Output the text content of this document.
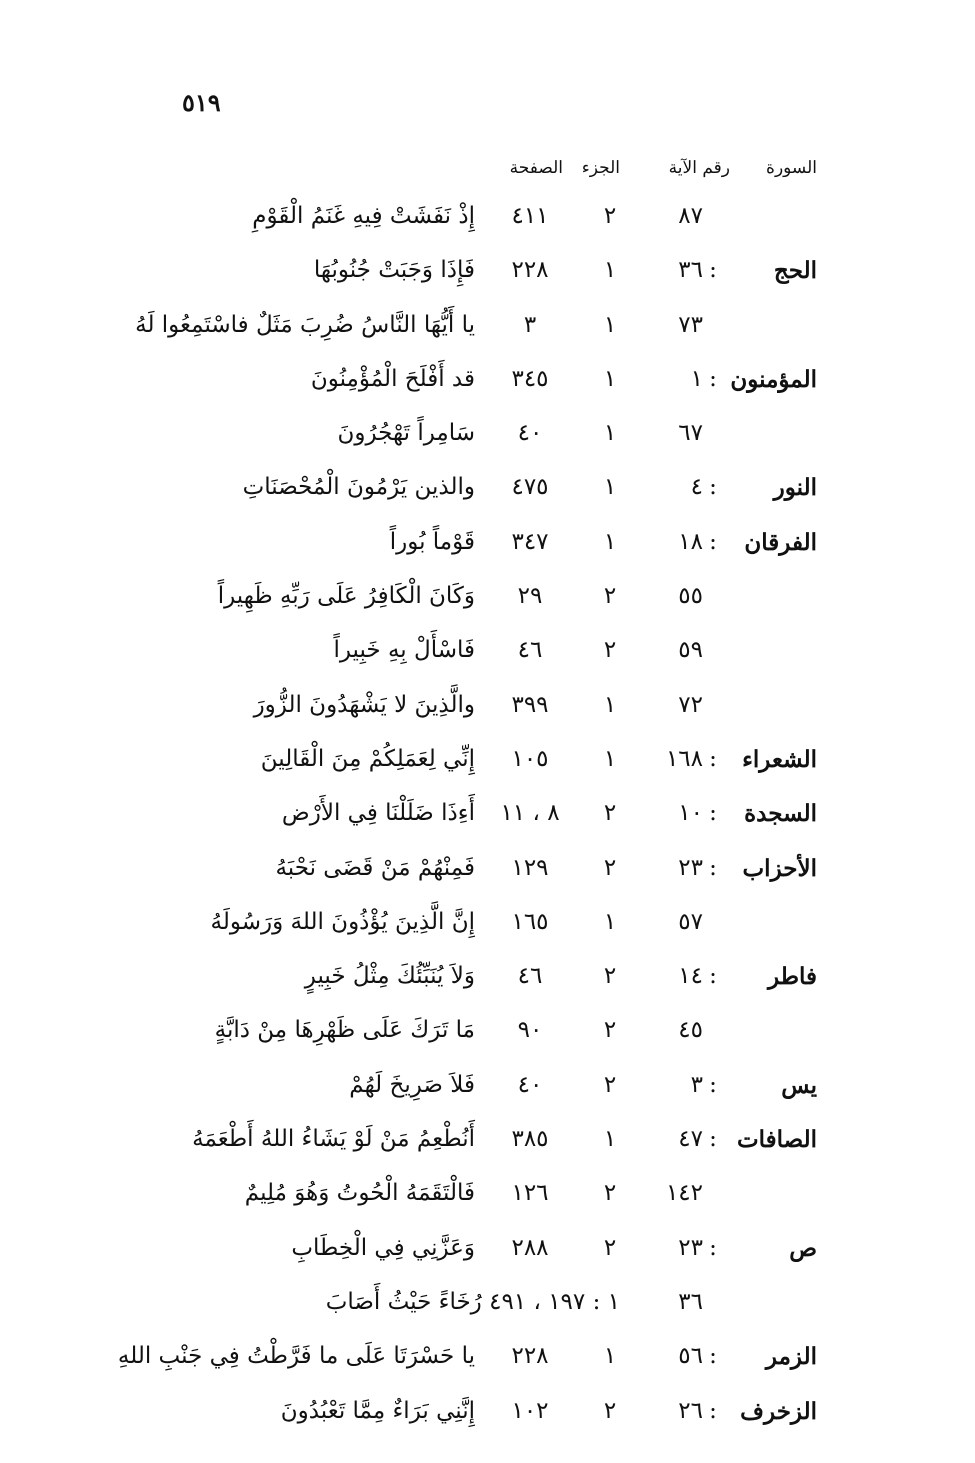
٥١٩
السورة
رقم الآية
الجزء
الصفحة
٨٧
٢
٤١١
إِذْ نَفَشَتْ فِيهِ غَنَمُ الْقَوْمِ
الحج
:
٣٦
١
٢٢٨
فَإِذَا وَجَبَتْ جُنُوبُهَا
٧٣
١
٣
يا أَيُّهَا النَّاسُ ضُرِبَ مَثَلٌ فاسْتَمِعُوا لَهُ
المؤمنون
:
١
١
٣٤٥
قد أَفْلَحَ الْمُؤْمِنُونَ
٦٧
١
٤٠
سَامِراً تَهْجُرُونَ
النور
:
٤
١
٤٧٥
والذين يَرْمُونَ الْمُحْصَنَاتِ
الفرقان
:
١٨
١
٣٤٧
قَوْماً بُوراً
٥٥
٢
٢٩
وَكَانَ الْكَافِرُ عَلَى رَبِّهِ ظَهِيراً
٥٩
٢
٤٦
فَاسْأَلْ بِهِ خَبِيراً
٧٢
١
٣٩٩
والَّذِينَ لا يَشْهَدُونَ الزُّورَ
الشعراء
:
١٦٨
١
١٠٥
إِنِّي لِعَمَلِكُمْ مِنَ الْقَالِينَ
السجدة
:
١٠
٢
٨ ، ١١
أَءِذَا ضَلَلْنَا فِي الأَرْض
الأحزاب
:
٢٣
٢
١٢٩
فَمِنْهُمْ مَنْ قَضَى نَحْبَهُ
٥٧
١
١٦٥
إِنَّ الَّذِينَ يُؤْذُونَ اللهَ وَرَسُولَهُ
فاطر
:
١٤
٢
٤٦
وَلاَ يُنَبِّئُكَ مِثْلُ خَبِيرٍ
٤٥
٢
٩٠
مَا تَرَكَ عَلَى ظَهْرِهَا مِنْ دَابَّةٍ
يس
:
٣
٢
٤٠
فَلاَ صَرِيخَ لَهُمْ
الصافات
:
٤٧
١
٣٨٥
أَنُطْعِمُ مَنْ لَوْ يَشَاءُ اللهُ أَطْعَمَهُ
١٤٢
٢
١٢٦
فَالْتَقَمَهُ الْحُوتُ وَهُوَ مُلِيمٌ
ص
:
٢٣
٢
٢٨٨
وَعَزَّنِي فِي الْخِطَابِ
٣٦
١ : ١٩٧ ، ٤٩١ رُخَاءً حَيْثُ أَصَابَ
الزمر
:
٥٦
١
٢٢٨
يا حَسْرَتَا عَلَى ما فَرَّطْتُ فِي جَنْبِ اللهِ
الزخرف
:
٢٦
٢
١٠٢
إِنَّنِي بَرَاءٌ مِمَّا تَعْبُدُونَ
